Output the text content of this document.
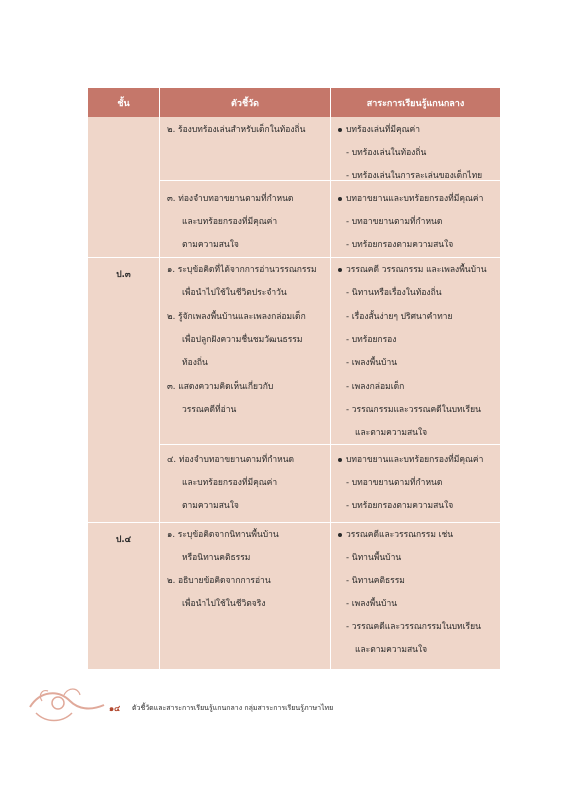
ชั้น	ตัวชี้วัด	สาระการเรียนรู้แกนกลาง
ป.๓
ป.๔
๒. ร้องบทร้องเล่นสำหรับเด็กในท้องถิ่น
๓. ท่องจำบทอาขยานตามที่กำหนด
และบทร้อยกรองที่มีคุณค่า
ตามความสนใจ
๑. ระบุข้อคิดที่ได้จากการอ่านวรรณกรรม
เพื่อนำไปใช้ในชีวิตประจำวัน
๒. รู้จักเพลงพื้นบ้านและเพลงกล่อมเด็ก
เพื่อปลูกฝังความชื่นชมวัฒนธรรม
ท้องถิ่น
๓. แสดงความคิดเห็นเกี่ยวกับ
วรรณคดีที่อ่าน
๔. ท่องจำบทอาขยานตามที่กำหนด
และบทร้อยกรองที่มีคุณค่า
ตามความสนใจ
๑. ระบุข้อคิดจากนิทานพื้นบ้าน
หรือนิทานคติธรรม
๒. อธิบายข้อคิดจากการอ่าน
เพื่อนำไปใช้ในชีวิตจริง
บทร้องเล่นที่มีคุณค่า
- บทร้องเล่นในท้องถิ่น
- บทร้องเล่นในการละเล่นของเด็กไทย
บทอาขยานและบทร้อยกรองที่มีคุณค่า
- บทอาขยานตามที่กำหนด
- บทร้อยกรองตามความสนใจ
วรรณคดี วรรณกรรม และเพลงพื้นบ้าน
- นิทานหรือเรื่องในท้องถิ่น
- เรื่องสั้นง่ายๆ ปริศนาคำทาย
- บทร้อยกรอง
- เพลงพื้นบ้าน
- เพลงกล่อมเด็ก
- วรรณกรรมและวรรณคดีในบทเรียน
และตามความสนใจ
บทอาขยานและบทร้อยกรองที่มีคุณค่า
- บทอาขยานตามที่กำหนด
- บทร้อยกรองตามความสนใจ
วรรณคดีและวรรณกรรม เช่น
- นิทานพื้นบ้าน
- นิทานคติธรรม
- เพลงพื้นบ้าน
- วรรณคดีและวรรณกรรมในบทเรียน
และตามความสนใจ
๑๔ ตัวชี้วัดและสาระการเรียนรู้แกนกลาง กลุ่มสาระการเรียนรู้ภาษาไทย
